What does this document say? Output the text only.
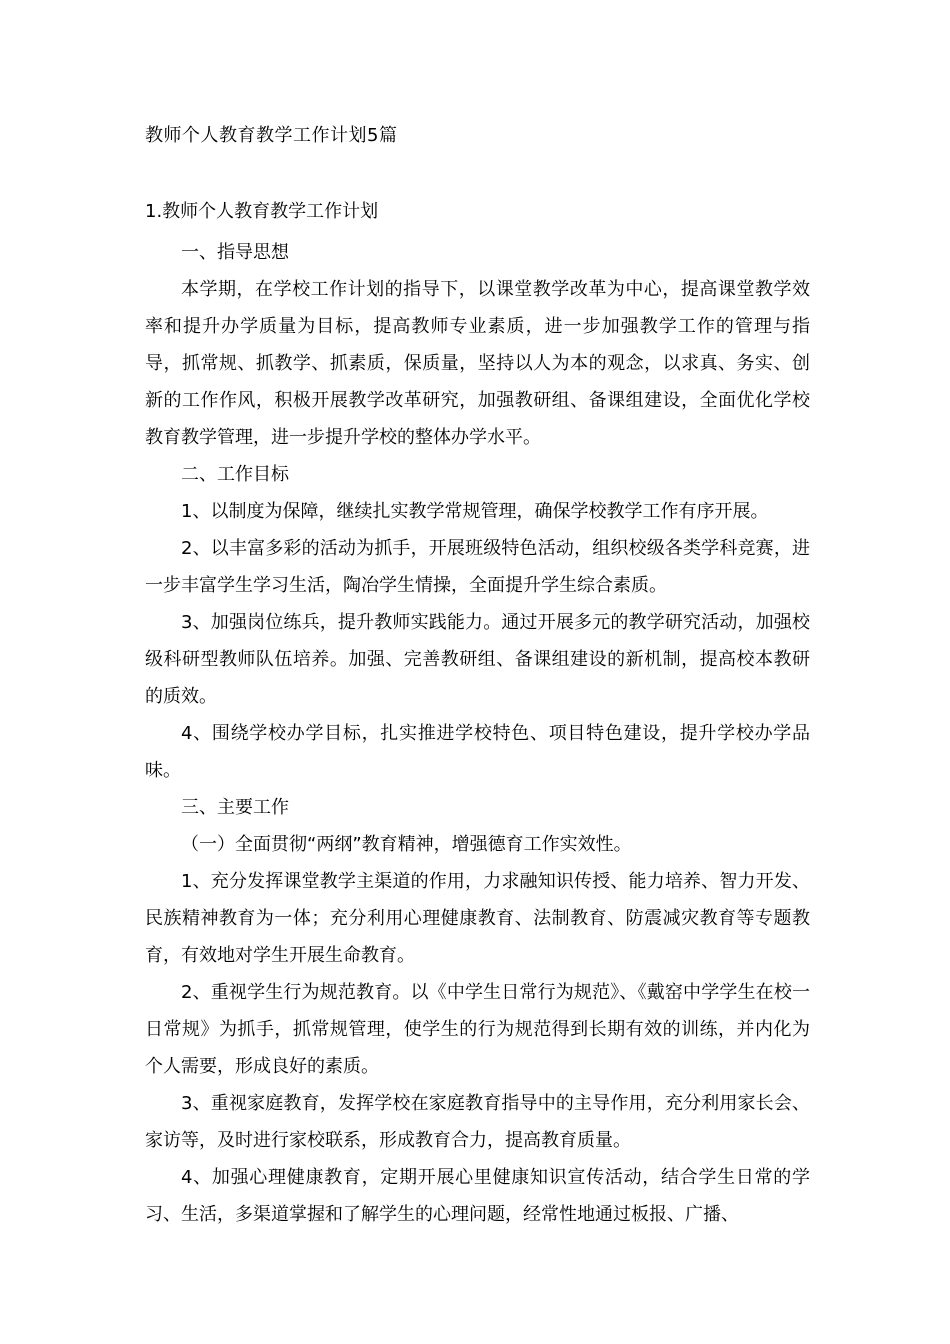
教师个人教育教学工作计划5篇
1.教师个人教育教学工作计划

一、指导思想

本学期，在学校工作计划的指导下，以课堂教学改革为中心，提高课堂教学效率和提升办学质量为目标，提高教师专业素质，进一步加强教学工作的管理与指导，抓常规、抓教学、抓素质，保质量，坚持以人为本的观念，以求真、务实、创新的工作作风，积极开展教学改革研究，加强教研组、备课组建设，全面优化学校教育教学管理，进一步提升学校的整体办学水平。

二、工作目标

1、以制度为保障，继续扎实教学常规管理，确保学校教学工作有序开展。

2、以丰富多彩的活动为抓手，开展班级特色活动，组织校级各类学科竞赛，进一步丰富学生学习生活，陶冶学生情操，全面提升学生综合素质。

3、加强岗位练兵，提升教师实践能力。通过开展多元的教学研究活动，加强校级科研型教师队伍培养。加强、完善教研组、备课组建设的新机制，提高校本教研的质效。

4、围绕学校办学目标，扎实推进学校特色、项目特色建设，提升学校办学品味。

三、主要工作

（一）全面贯彻“两纲”教育精神，增强德育工作实效性。

1、充分发挥课堂教学主渠道的作用，力求融知识传授、能力培养、智力开发、民族精神教育为一体；充分利用心理健康教育、法制教育、防震减灾教育等专题教育，有效地对学生开展生命教育。

2、重视学生行为规范教育。以《中学生日常行为规范》、《戴窑中学学生在校一日常规》为抓手，抓常规管理，使学生的行为规范得到长期有效的训练，并内化为个人需要，形成良好的素质。

3、重视家庭教育，发挥学校在家庭教育指导中的主导作用，充分利用家长会、家访等，及时进行家校联系，形成教育合力，提高教育质量。

4、加强心理健康教育，定期开展心里健康知识宣传活动，结合学生日常的学习、生活，多渠道掌握和了解学生的心理问题，经常性地通过板报、广播、
